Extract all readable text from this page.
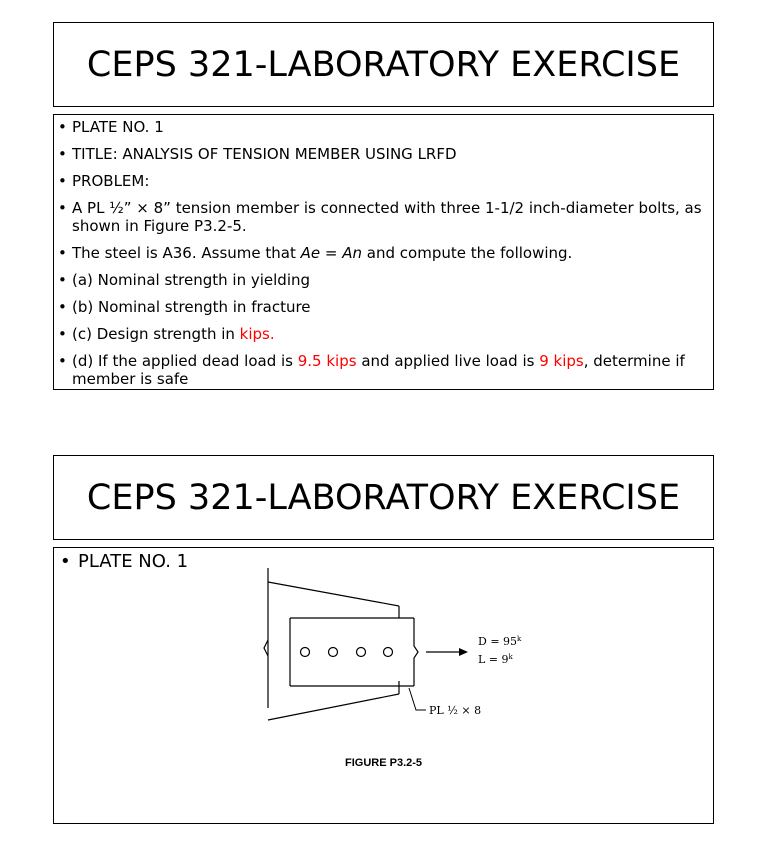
CEPS 321-LABORATORY EXERCISE
• PLATE NO. 1
• TITLE: ANALYSIS OF TENSION MEMBER USING LRFD
• PROBLEM:
• A PL ½” × 8” tension member is connected with three 1-1/2 inch-diameter bolts, as shown in Figure P3.2-5.
• The steel is A36. Assume that Ae = An and compute the following.
• (a) Nominal strength in yielding
• (b) Nominal strength in fracture
• (c) Design strength in kips.
• (d) If the applied dead load is 9.5 kips and applied live load is 9 kips, determine if member is safe
CEPS 321-LABORATORY EXERCISE
• PLATE NO. 1
$D = 95^k$
$L = 9^k$
PL ½ × 8
FIGURE P3.2-5
